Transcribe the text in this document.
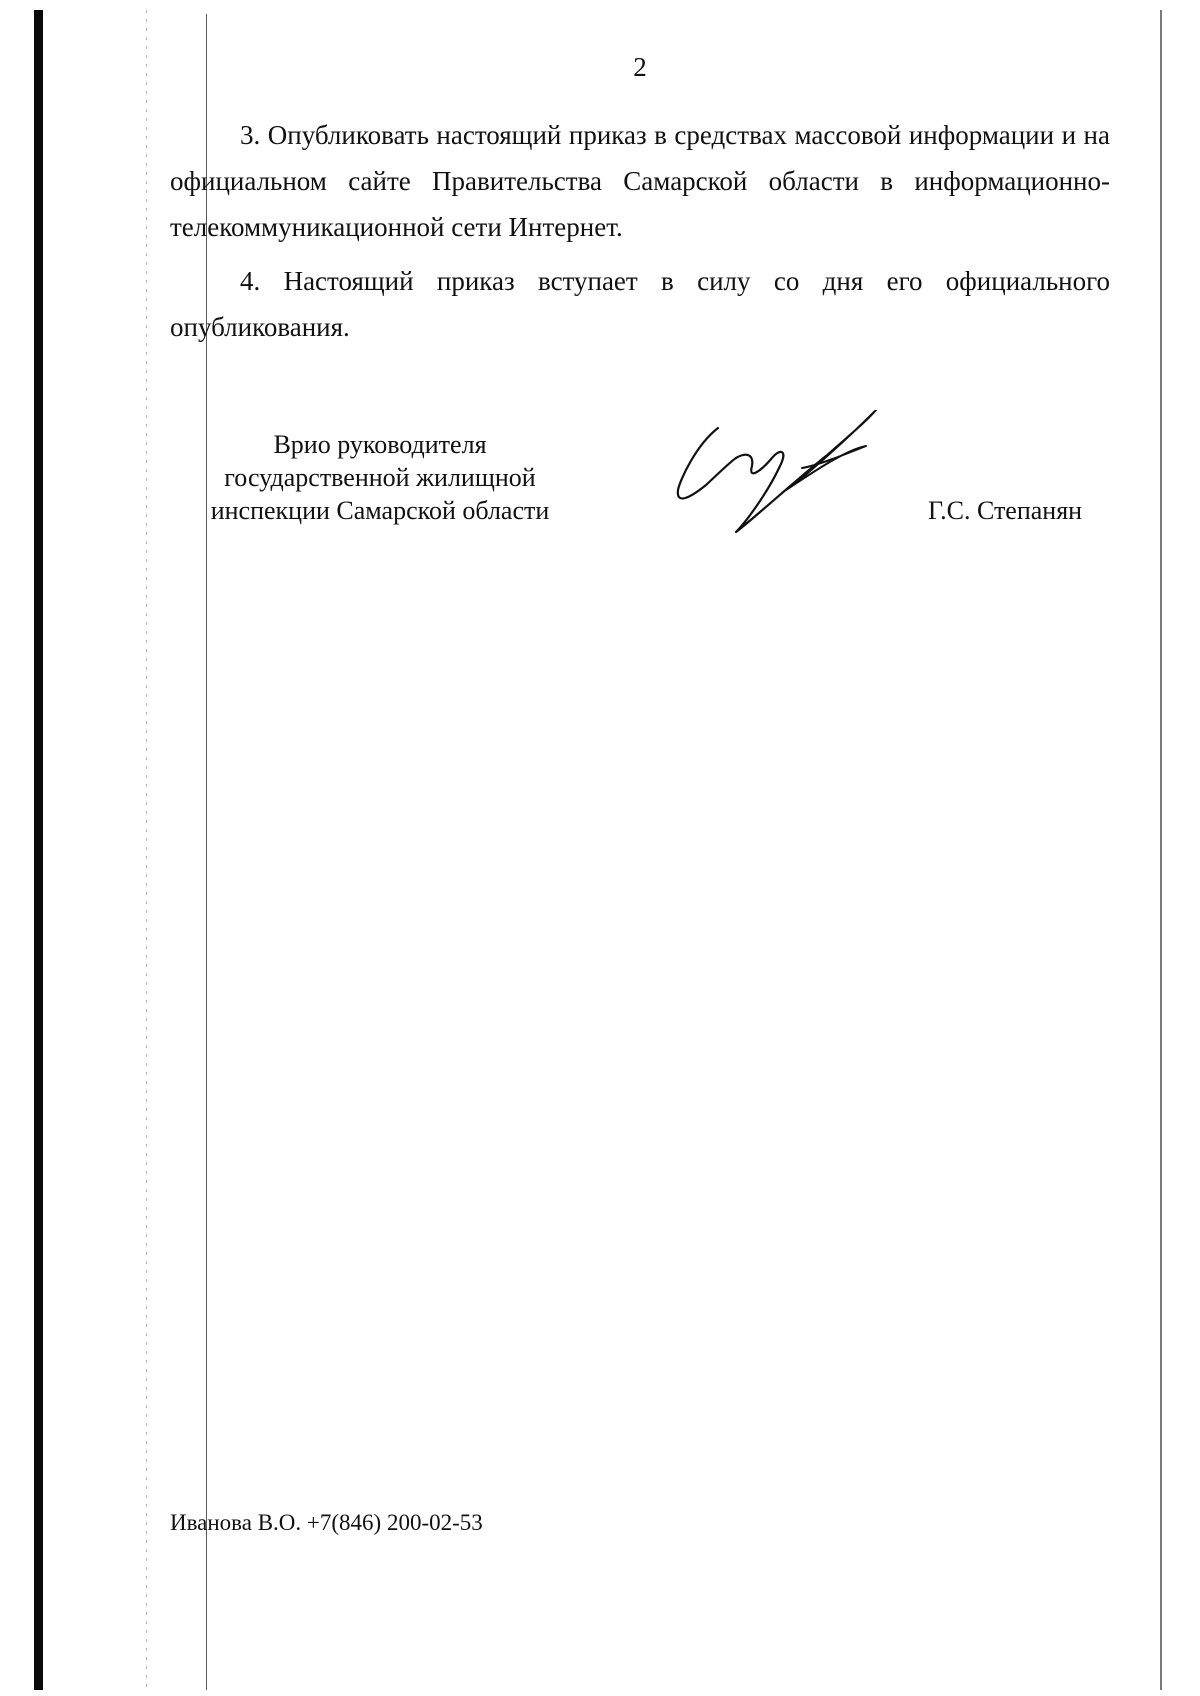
2

3. Опубликовать настоящий приказ в средствах массовой информации и на официальном сайте Правительства Самарской области в информационно-телекоммуникационной сети Интернет.

4. Настоящий приказ вступает в силу со дня его официального опубликования.

Врио руководителя
государственной жилищной
инспекции Самарской области	Г.С. Степанян
Иванова В.О. +7(846) 200-02-53
